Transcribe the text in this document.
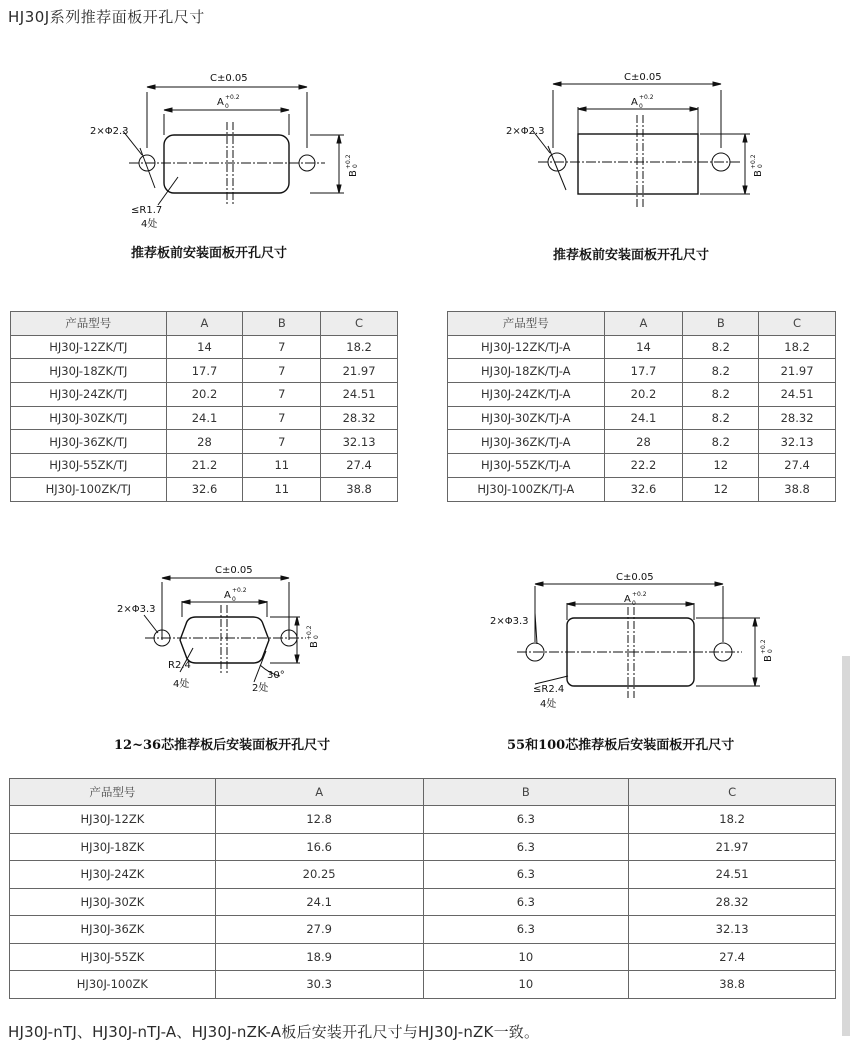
HJ30J系列推荐面板开孔尺寸
C±0.05
A +0.2
0
B
+0.2 0
2×Φ2.3
≤R1.7
4处
推荐板前安装面板开孔尺寸
C±0.05
A +0.2
0
B
+0.2 0
2×Φ2.3
推荐板前安装面板开孔尺寸
产品型号	A	B	C
HJ30J-12ZK/TJ	14	7	18.2
HJ30J-18ZK/TJ	17.7	7	21.97
HJ30J-24ZK/TJ	20.2	7	24.51
HJ30J-30ZK/TJ	24.1	7	28.32
HJ30J-36ZK/TJ	28	7	32.13
HJ30J-55ZK/TJ	21.2	11	27.4
HJ30J-100ZK/TJ	32.6	11	38.8
产品型号	A	B	C
HJ30J-12ZK/TJ-A	14	8.2	18.2
HJ30J-18ZK/TJ-A	17.7	8.2	21.97
HJ30J-24ZK/TJ-A	20.2	8.2	24.51
HJ30J-30ZK/TJ-A	24.1	8.2	28.32
HJ30J-36ZK/TJ-A	28	8.2	32.13
HJ30J-55ZK/TJ-A	22.2	12	27.4
HJ30J-100ZK/TJ-A	32.6	12	38.8
C±0.05
A +0.2
0
B
+0.2 0
2×Φ3.3
R2.4
4处
30°
2处
12~36芯推荐板后安装面板开孔尺寸
C±0.05
A +0.2
0
B
+0.2 0
2×Φ3.3
≤R2.4
4处
55和100芯推荐板后安装面板开孔尺寸
产品型号	A	B	C
HJ30J-12ZK	12.8	6.3	18.2
HJ30J-18ZK	16.6	6.3	21.97
HJ30J-24ZK	20.25	6.3	24.51
HJ30J-30ZK	24.1	6.3	28.32
HJ30J-36ZK	27.9	6.3	32.13
HJ30J-55ZK	18.9	10	27.4
HJ30J-100ZK	30.3	10	38.8
HJ30J-nTJ、HJ30J-nTJ-A、HJ30J-nZK-A板后安装开孔尺寸与HJ30J-nZK一致。
